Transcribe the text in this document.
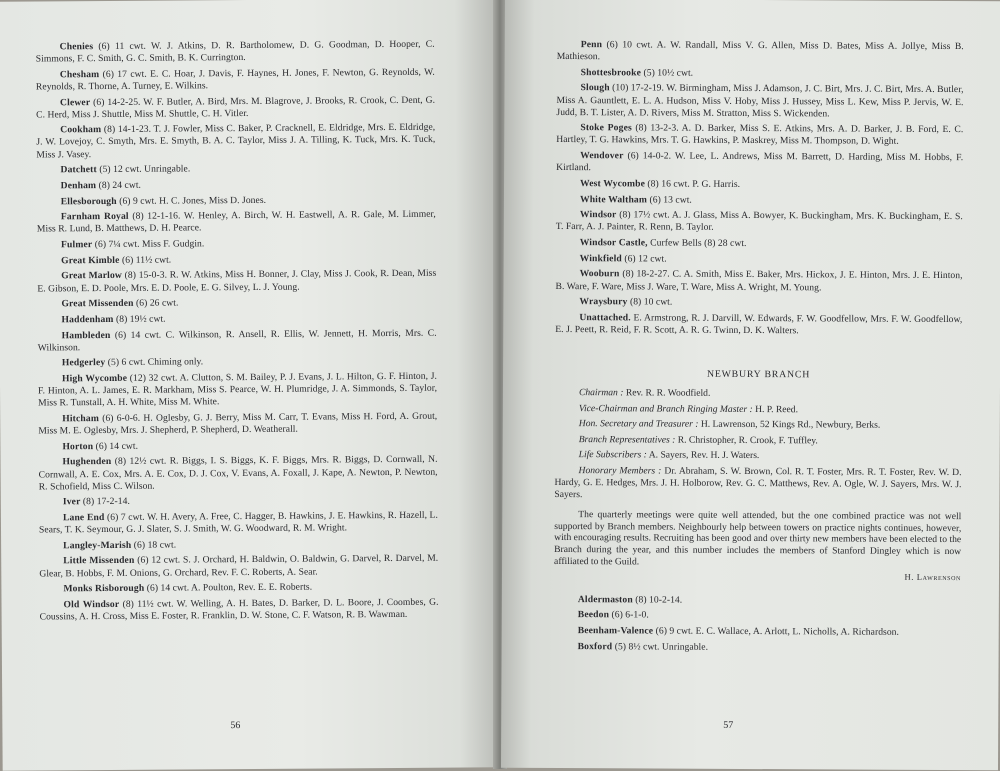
Chenies (6) 11 cwt. W. J. Atkins, D. R. Bartholomew, D. G. Goodman, D. Hooper, C. Simmons, F. C. Smith, G. C. Smith, B. K. Currington.

Chesham (6) 17 cwt. E. C. Hoar, J. Davis, F. Haynes, H. Jones, F. Newton, G. Reynolds, W. Reynolds, R. Thorne, A. Turney, E. Wilkins.

Clewer (6) 14-2-25. W. F. Butler, A. Bird, Mrs. M. Blagrove, J. Brooks, R. Crook, C. Dent, G. C. Herd, Miss J. Shuttle, Miss M. Shuttle, C. H. Vitler.

Cookham (8) 14-1-23. T. J. Fowler, Miss C. Baker, P. Cracknell, E. Eldridge, Mrs. E. Eldridge, J. W. Lovejoy, C. Smyth, Mrs. E. Smyth, B. A. C. Taylor, Miss J. A. Tilling, K. Tuck, Mrs. K. Tuck, Miss J. Vasey.

Datchett (5) 12 cwt. Unringable.

Denham (8) 24 cwt.

Ellesborough (6) 9 cwt. H. C. Jones, Miss D. Jones.

Farnham Royal (8) 12-1-16. W. Henley, A. Birch, W. H. Eastwell, A. R. Gale, M. Limmer, Miss R. Lund, B. Matthews, D. H. Pearce.

Fulmer (6) 7¼ cwt. Miss F. Gudgin.

Great Kimble (6) 11½ cwt.

Great Marlow (8) 15-0-3. R. W. Atkins, Miss H. Bonner, J. Clay, Miss J. Cook, R. Dean, Miss E. Gibson, E. D. Poole, Mrs. E. D. Poole, E. G. Silvey, L. J. Young.

Great Missenden (6) 26 cwt.

Haddenham (8) 19½ cwt.

Hambleden (6) 14 cwt. C. Wilkinson, R. Ansell, R. Ellis, W. Jennett, H. Morris, Mrs. C. Wilkinson.

Hedgerley (5) 6 cwt. Chiming only.

High Wycombe (12) 32 cwt. A. Clutton, S. M. Bailey, P. J. Evans, J. L. Hilton, G. F. Hinton, J. F. Hinton, A. L. James, E. R. Markham, Miss S. Pearce, W. H. Plumridge, J. A. Simmonds, S. Taylor, Miss R. Tunstall, A. H. White, Miss M. White.

Hitcham (6) 6-0-6. H. Oglesby, G. J. Berry, Miss M. Carr, T. Evans, Miss H. Ford, A. Grout, Miss M. E. Oglesby, Mrs. J. Shepherd, P. Shepherd, D. Weatherall.

Horton (6) 14 cwt.

Hughenden (8) 12½ cwt. R. Biggs, I. S. Biggs, K. F. Biggs, Mrs. R. Biggs, D. Cornwall, N. Cornwall, A. E. Cox, Mrs. A. E. Cox, D. J. Cox, V. Evans, A. Foxall, J. Kape, A. Newton, P. Newton, R. Schofield, Miss C. Wilson.

Iver (8) 17-2-14.

Lane End (6) 7 cwt. W. H. Avery, A. Free, C. Hagger, B. Hawkins, J. E. Hawkins, R. Hazell, L. Sears, T. K. Seymour, G. J. Slater, S. J. Smith, W. G. Woodward, R. M. Wright.

Langley-Marish (6) 18 cwt.

Little Missenden (6) 12 cwt. S. J. Orchard, H. Baldwin, O. Baldwin, G. Darvel, R. Darvel, M. Glear, B. Hobbs, F. M. Onions, G. Orchard, Rev. F. C. Roberts, A. Sear.

Monks Risborough (6) 14 cwt. A. Poulton, Rev. E. E. Roberts.

Old Windsor (8) 11½ cwt. W. Welling, A. H. Bates, D. Barker, D. L. Boore, J. Coombes, G. Coussins, A. H. Cross, Miss E. Foster, R. Franklin, D. W. Stone, C. F. Watson, R. B. Wawman.

56

Penn (6) 10 cwt. A. W. Randall, Miss V. G. Allen, Miss D. Bates, Miss A. Jollye, Miss B. Mathieson.

Shottesbrooke (5) 10½ cwt.

Slough (10) 17-2-19. W. Birmingham, Miss J. Adamson, J. C. Birt, Mrs. J. C. Birt, Mrs. A. Butler, Miss A. Gauntlett, E. L. A. Hudson, Miss V. Hoby, Miss J. Hussey, Miss L. Kew, Miss P. Jervis, W. E. Judd, B. T. Lister, A. D. Rivers, Miss M. Stratton, Miss S. Wickenden.

Stoke Poges (8) 13-2-3. A. D. Barker, Miss S. E. Atkins, Mrs. A. D. Barker, J. B. Ford, E. C. Hartley, T. G. Hawkins, Mrs. T. G. Hawkins, P. Maskrey, Miss M. Thompson, D. Wight.

Wendover (6) 14-0-2. W. Lee, L. Andrews, Miss M. Barrett, D. Harding, Miss M. Hobbs, F. Kirtland.

West Wycombe (8) 16 cwt. P. G. Harris.

White Waltham (6) 13 cwt.

Windsor (8) 17½ cwt. A. J. Glass, Miss A. Bowyer, K. Buckingham, Mrs. K. Buckingham, E. S. T. Farr, A. J. Painter, R. Renn, B. Taylor.

Windsor Castle, Curfew Bells (8) 28 cwt.

Winkfield (6) 12 cwt.

Wooburn (8) 18-2-27. C. A. Smith, Miss E. Baker, Mrs. Hickox, J. E. Hinton, Mrs. J. E. Hinton, B. Ware, F. Ware, Miss J. Ware, T. Ware, Miss A. Wright, M. Young.

Wraysbury (8) 10 cwt.

Unattached. E. Armstrong, R. J. Darvill, W. Edwards, F. W. Goodfellow, Mrs. F. W. Goodfellow, E. J. Peett, R. Reid, F. R. Scott, A. R. G. Twinn, D. K. Walters.

NEWBURY BRANCH

Chairman : Rev. R. R. Woodfield.

Vice-Chairman and Branch Ringing Master : H. P. Reed.

Hon. Secretary and Treasurer : H. Lawrenson, 52 Kings Rd., Newbury, Berks.

Branch Representatives : R. Christopher, R. Crook, F. Tuffley.

Life Subscribers : A. Sayers, Rev. H. J. Waters.

Honorary Members : Dr. Abraham, S. W. Brown, Col. R. T. Foster, Mrs. R. T. Foster, Rev. W. D. Hardy, G. E. Hedges, Mrs. J. H. Holborow, Rev. G. C. Matthews, Rev. A. Ogle, W. J. Sayers, Mrs. W. J. Sayers.

The quarterly meetings were quite well attended, but the one combined practice was not well supported by Branch members. Neighbourly help between towers on practice nights continues, however, with encouraging results. Recruiting has been good and over thirty new members have been elected to the Branch during the year, and this number includes the members of Stanford Dingley which is now affiliated to the Guild.
H. Lawrenson

Aldermaston (8) 10-2-14.

Beedon (6) 6-1-0.

Beenham-Valence (6) 9 cwt. E. C. Wallace, A. Arlott, L. Nicholls, A. Richardson.

Boxford (5) 8½ cwt. Unringable.

57
